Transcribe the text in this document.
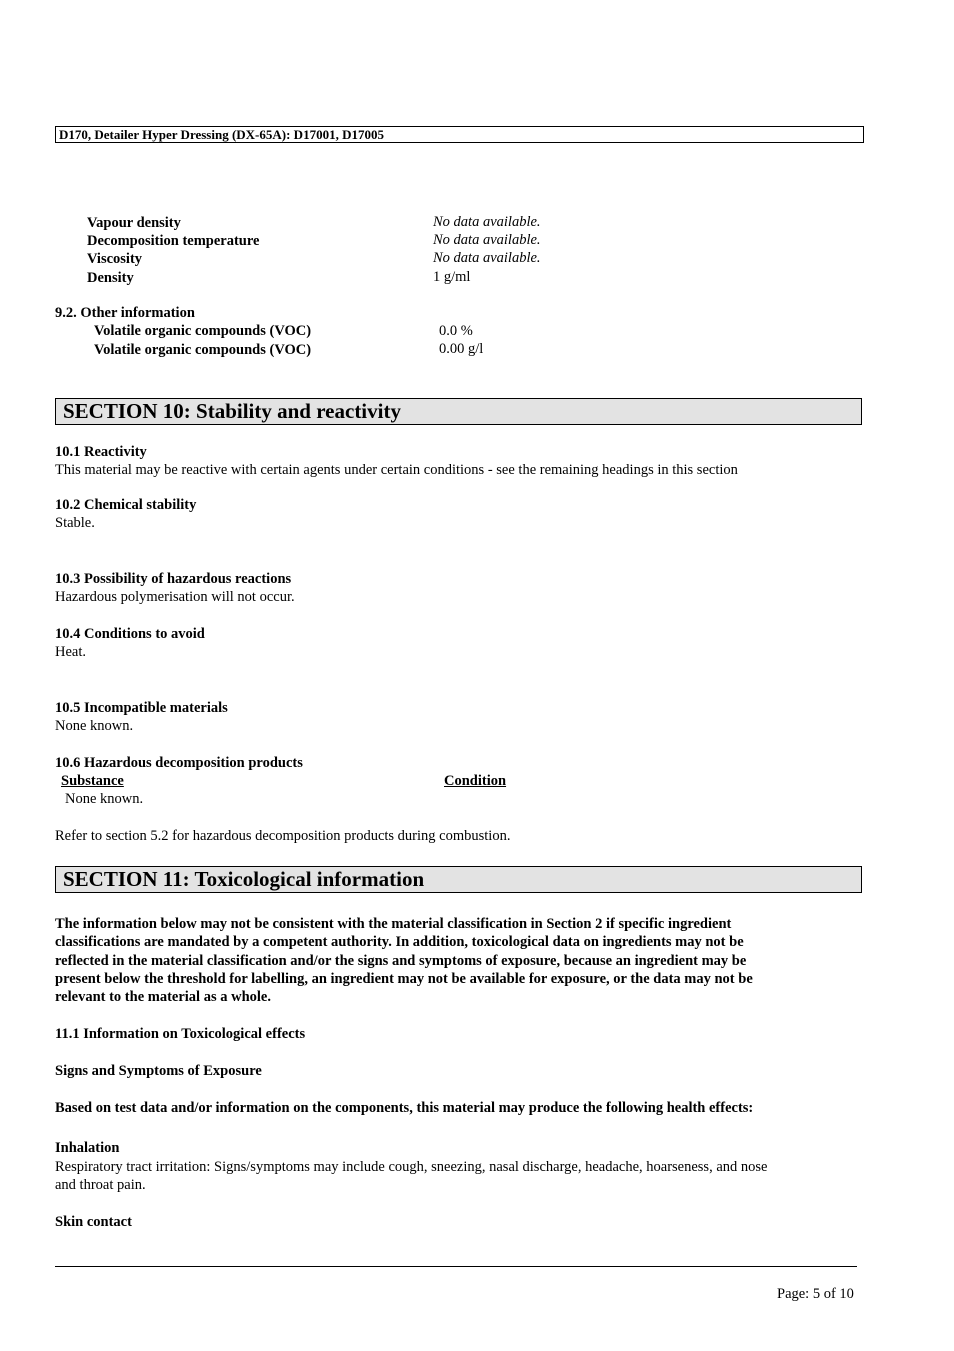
D170, Detailer Hyper Dressing (DX-65A): D17001, D17005
Vapour density	No data available.
Decomposition temperature	No data available.
Viscosity	No data available.
Density	1 g/ml
9.2. Other information
Volatile organic compounds (VOC)	0.0 %
Volatile organic compounds (VOC)	0.00 g/l
SECTION 10: Stability and reactivity
10.1 Reactivity
This material may be reactive with certain agents under certain conditions - see the remaining headings in this section
10.2 Chemical stability
Stable.
10.3 Possibility of hazardous reactions
Hazardous polymerisation will not occur.
10.4 Conditions to avoid
Heat.
10.5 Incompatible materials
None known.
10.6 Hazardous decomposition products
Substance	Condition
None known.
Refer to section 5.2 for hazardous decomposition products during combustion.
SECTION 11: Toxicological information
The information below may not be consistent with the material classification in Section 2 if specific ingredient
classifications are mandated by a competent authority. In addition, toxicological data on ingredients may not be
reflected in the material classification and/or the signs and symptoms of exposure, because an ingredient may be
present below the threshold for labelling, an ingredient may not be available for exposure, or the data may not be
relevant to the material as a whole.
11.1 Information on Toxicological effects
Signs and Symptoms of Exposure
Based on test data and/or information on the components, this material may produce the following health effects:
Inhalation
Respiratory tract irritation: Signs/symptoms may include cough, sneezing, nasal discharge, headache, hoarseness, and nose
and throat pain.
Skin contact
Page: 5 of 10
